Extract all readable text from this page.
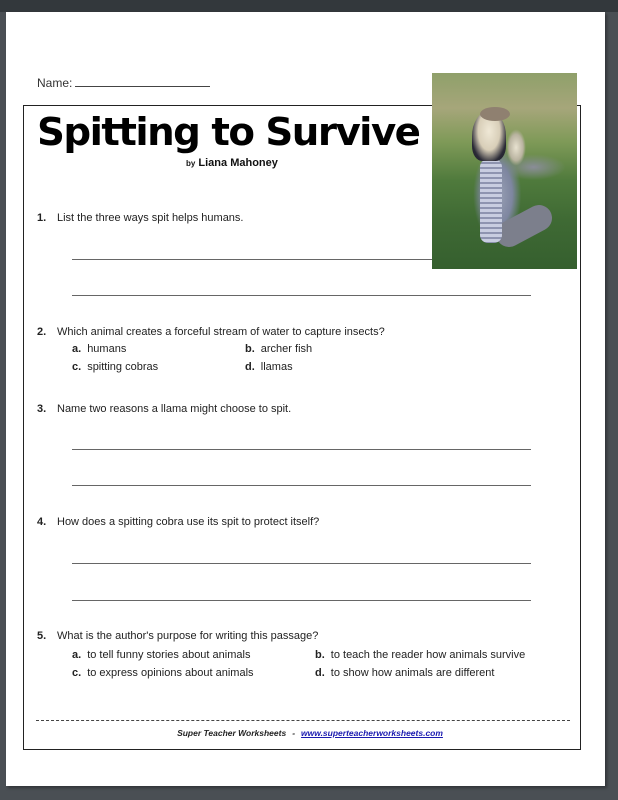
Name:
Spitting to Survive
by Liana Mahoney
1. List the three ways spit helps humans.
2. Which animal creates a forceful stream of water to capture insects?
a. humans	b. archer fish
c. spitting cobras	d. llamas
3. Name two reasons a llama might choose to spit.
4. How does a spitting cobra use its spit to protect itself?
5. What is the author's purpose for writing this passage?
a. to tell funny stories about animals	b. to teach the reader how animals survive
c. to express opinions about animals	d. to show how animals are different
Super Teacher Worksheets - www.superteacherworksheets.com
